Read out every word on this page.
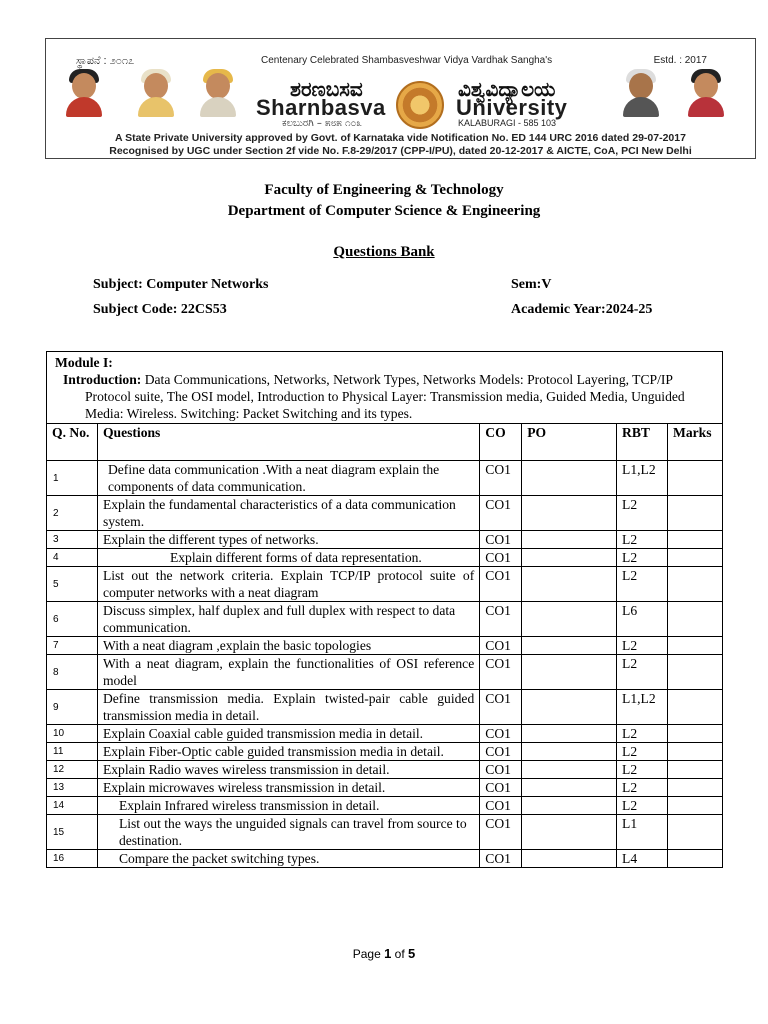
ಸ್ಥಾಪನೆ : ೨೦೧೭	Centenary Celebrated Shambasveshwar Vidya Vardhak Sangha's	Estd. : 2017
ಶರಣಬಸವ	ವಿಶ್ವವಿದ್ಯಾಲಯ
Sharnbasva	University
ಕಲಬುರಗಿ – ೫೮೫ ೧೦೩	KALABURAGI - 585 103
A State Private University approved by Govt. of Karnataka vide Notification No. ED 144 URC 2016 dated 29-07-2017
Recognised by UGC under Section 2f vide No. F.8-29/2017 (CPP-I/PU), dated 20-12-2017 & AICTE, CoA, PCI New Delhi
Faculty of Engineering & Technology
Department of Computer Science & Engineering
Questions Bank
Subject: Computer Networks	Sem:V
Subject Code: 22CS53	Academic Year:2024-25
Module I:
Introduction: Data Communications, Networks, Network Types, Networks Models: Protocol Layering, TCP/IP Protocol suite, The OSI model, Introduction to Physical Layer: Transmission media, Guided Media, Unguided Media: Wireless. Switching: Packet Switching and its types.					

Q. No.	Questions	CO	PO	RBT	Marks
1	Define data communication .With a neat diagram explain the components of data communication.	CO1		L1,L2	
2	Explain the fundamental characteristics of a data communication system.	CO1		L2	
3	Explain the different types of networks.	CO1		L2	
4	Explain different forms of data representation.	CO1		L2	
5	List out the network criteria. Explain TCP/IP protocol suite of computer networks with a neat diagram	CO1		L2	
6	Discuss simplex, half duplex and full duplex with respect to data communication.	CO1		L6	
7	With a neat diagram ,explain the basic topologies	CO1		L2	
8	With a neat diagram, explain the functionalities of OSI reference model	CO1		L2	
9	Define transmission media. Explain twisted-pair cable guided transmission media in detail.	CO1		L1,L2	
10	Explain Coaxial cable guided transmission media in detail.	CO1		L2	
11	Explain Fiber-Optic cable guided transmission media in detail.	CO1		L2	
12	Explain Radio waves wireless transmission in detail.	CO1		L2	
13	Explain microwaves wireless transmission in detail.	CO1		L2	
14	Explain Infrared wireless transmission in detail.	CO1		L2	
15	List out the ways the unguided signals can travel from source to destination.	CO1		L1	
16	Compare the packet switching types.	CO1		L4	
Page 1 of 5
